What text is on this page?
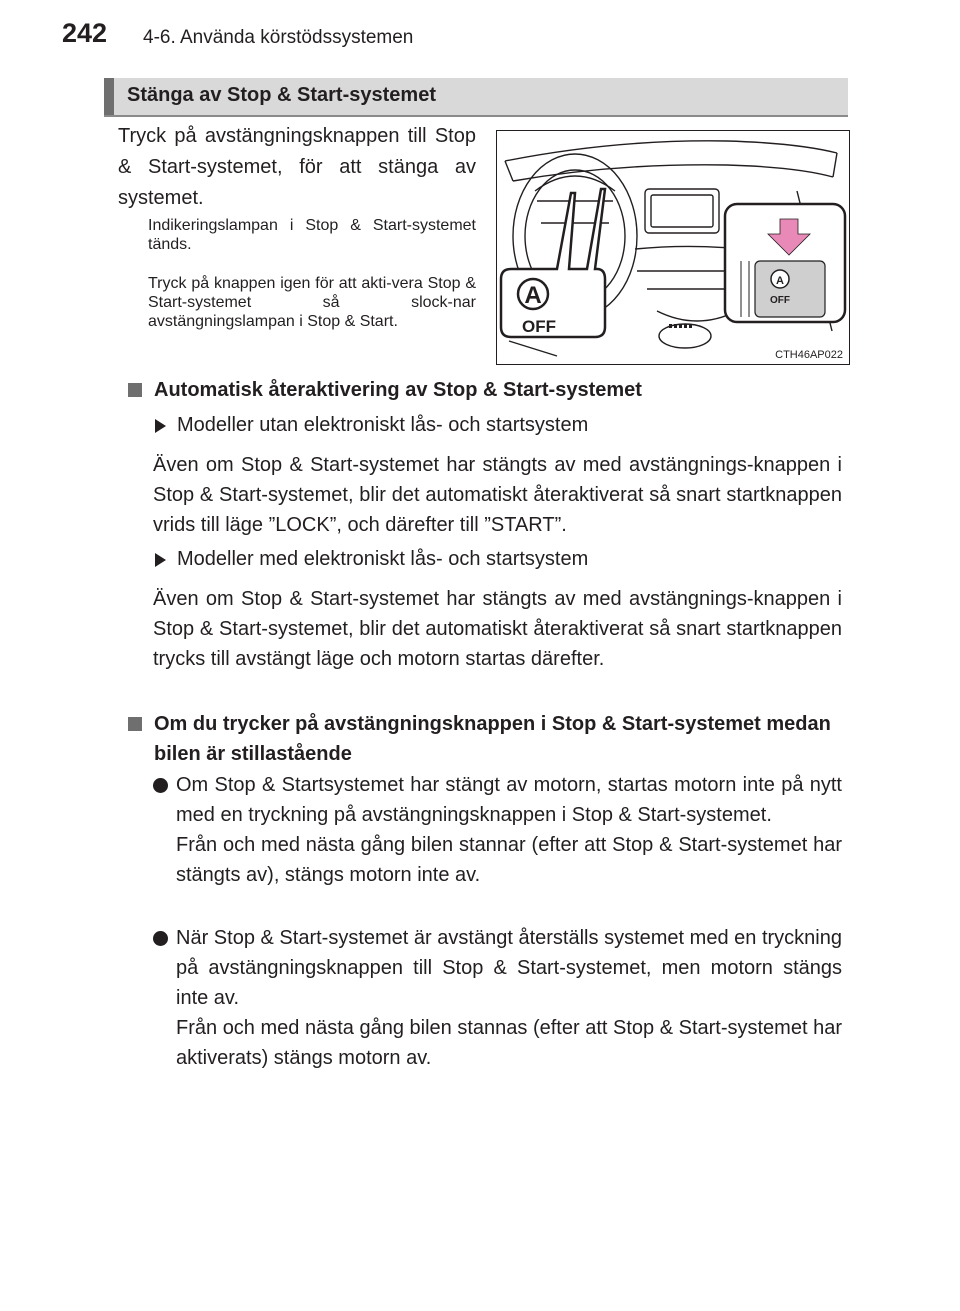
242 4-6. Använda körstödssystemen
Stänga av Stop & Start-systemet
Tryck på avstängningsknappen till Stop & Start-systemet, för att stänga av systemet.
Indikeringslampan i Stop & Start-systemet tänds.
Tryck på knappen igen för att akti-vera Stop & Start-systemet så slock-nar avstängningslampan i Stop & Start.
A
OFF
A
OFF
CTH46AP022
Automatisk återaktivering av Stop & Start-systemet
Modeller utan elektroniskt lås- och startsystem
Även om Stop & Start-systemet har stängts av med avstängnings-knappen i Stop & Start-systemet, blir det automatiskt återaktiverat så snart startknappen vrids till läge ”LOCK”, och därefter till ”START”.
Modeller med elektroniskt lås- och startsystem
Även om Stop & Start-systemet har stängts av med avstängnings-knappen i Stop & Start-systemet, blir det automatiskt återaktiverat så snart startknappen trycks till avstängt läge och motorn startas därefter.
Om du trycker på avstängningsknappen i Stop & Start-systemet medan bilen är stillastående

Om Stop & Startsystemet har stängt av motorn, startas motorn inte på nytt med en tryckning på avstängningsknappen i Stop & Start-systemet.

Från och med nästa gång bilen stannar (efter att Stop & Start-systemet har stängts av), stängs motorn inte av.

När Stop & Start-systemet är avstängt återställs systemet med en tryckning på avstängningsknappen till Stop & Start-systemet, men motorn stängs inte av.

Från och med nästa gång bilen stannas (efter att Stop & Start-systemet har aktiverats) stängs motorn av.
